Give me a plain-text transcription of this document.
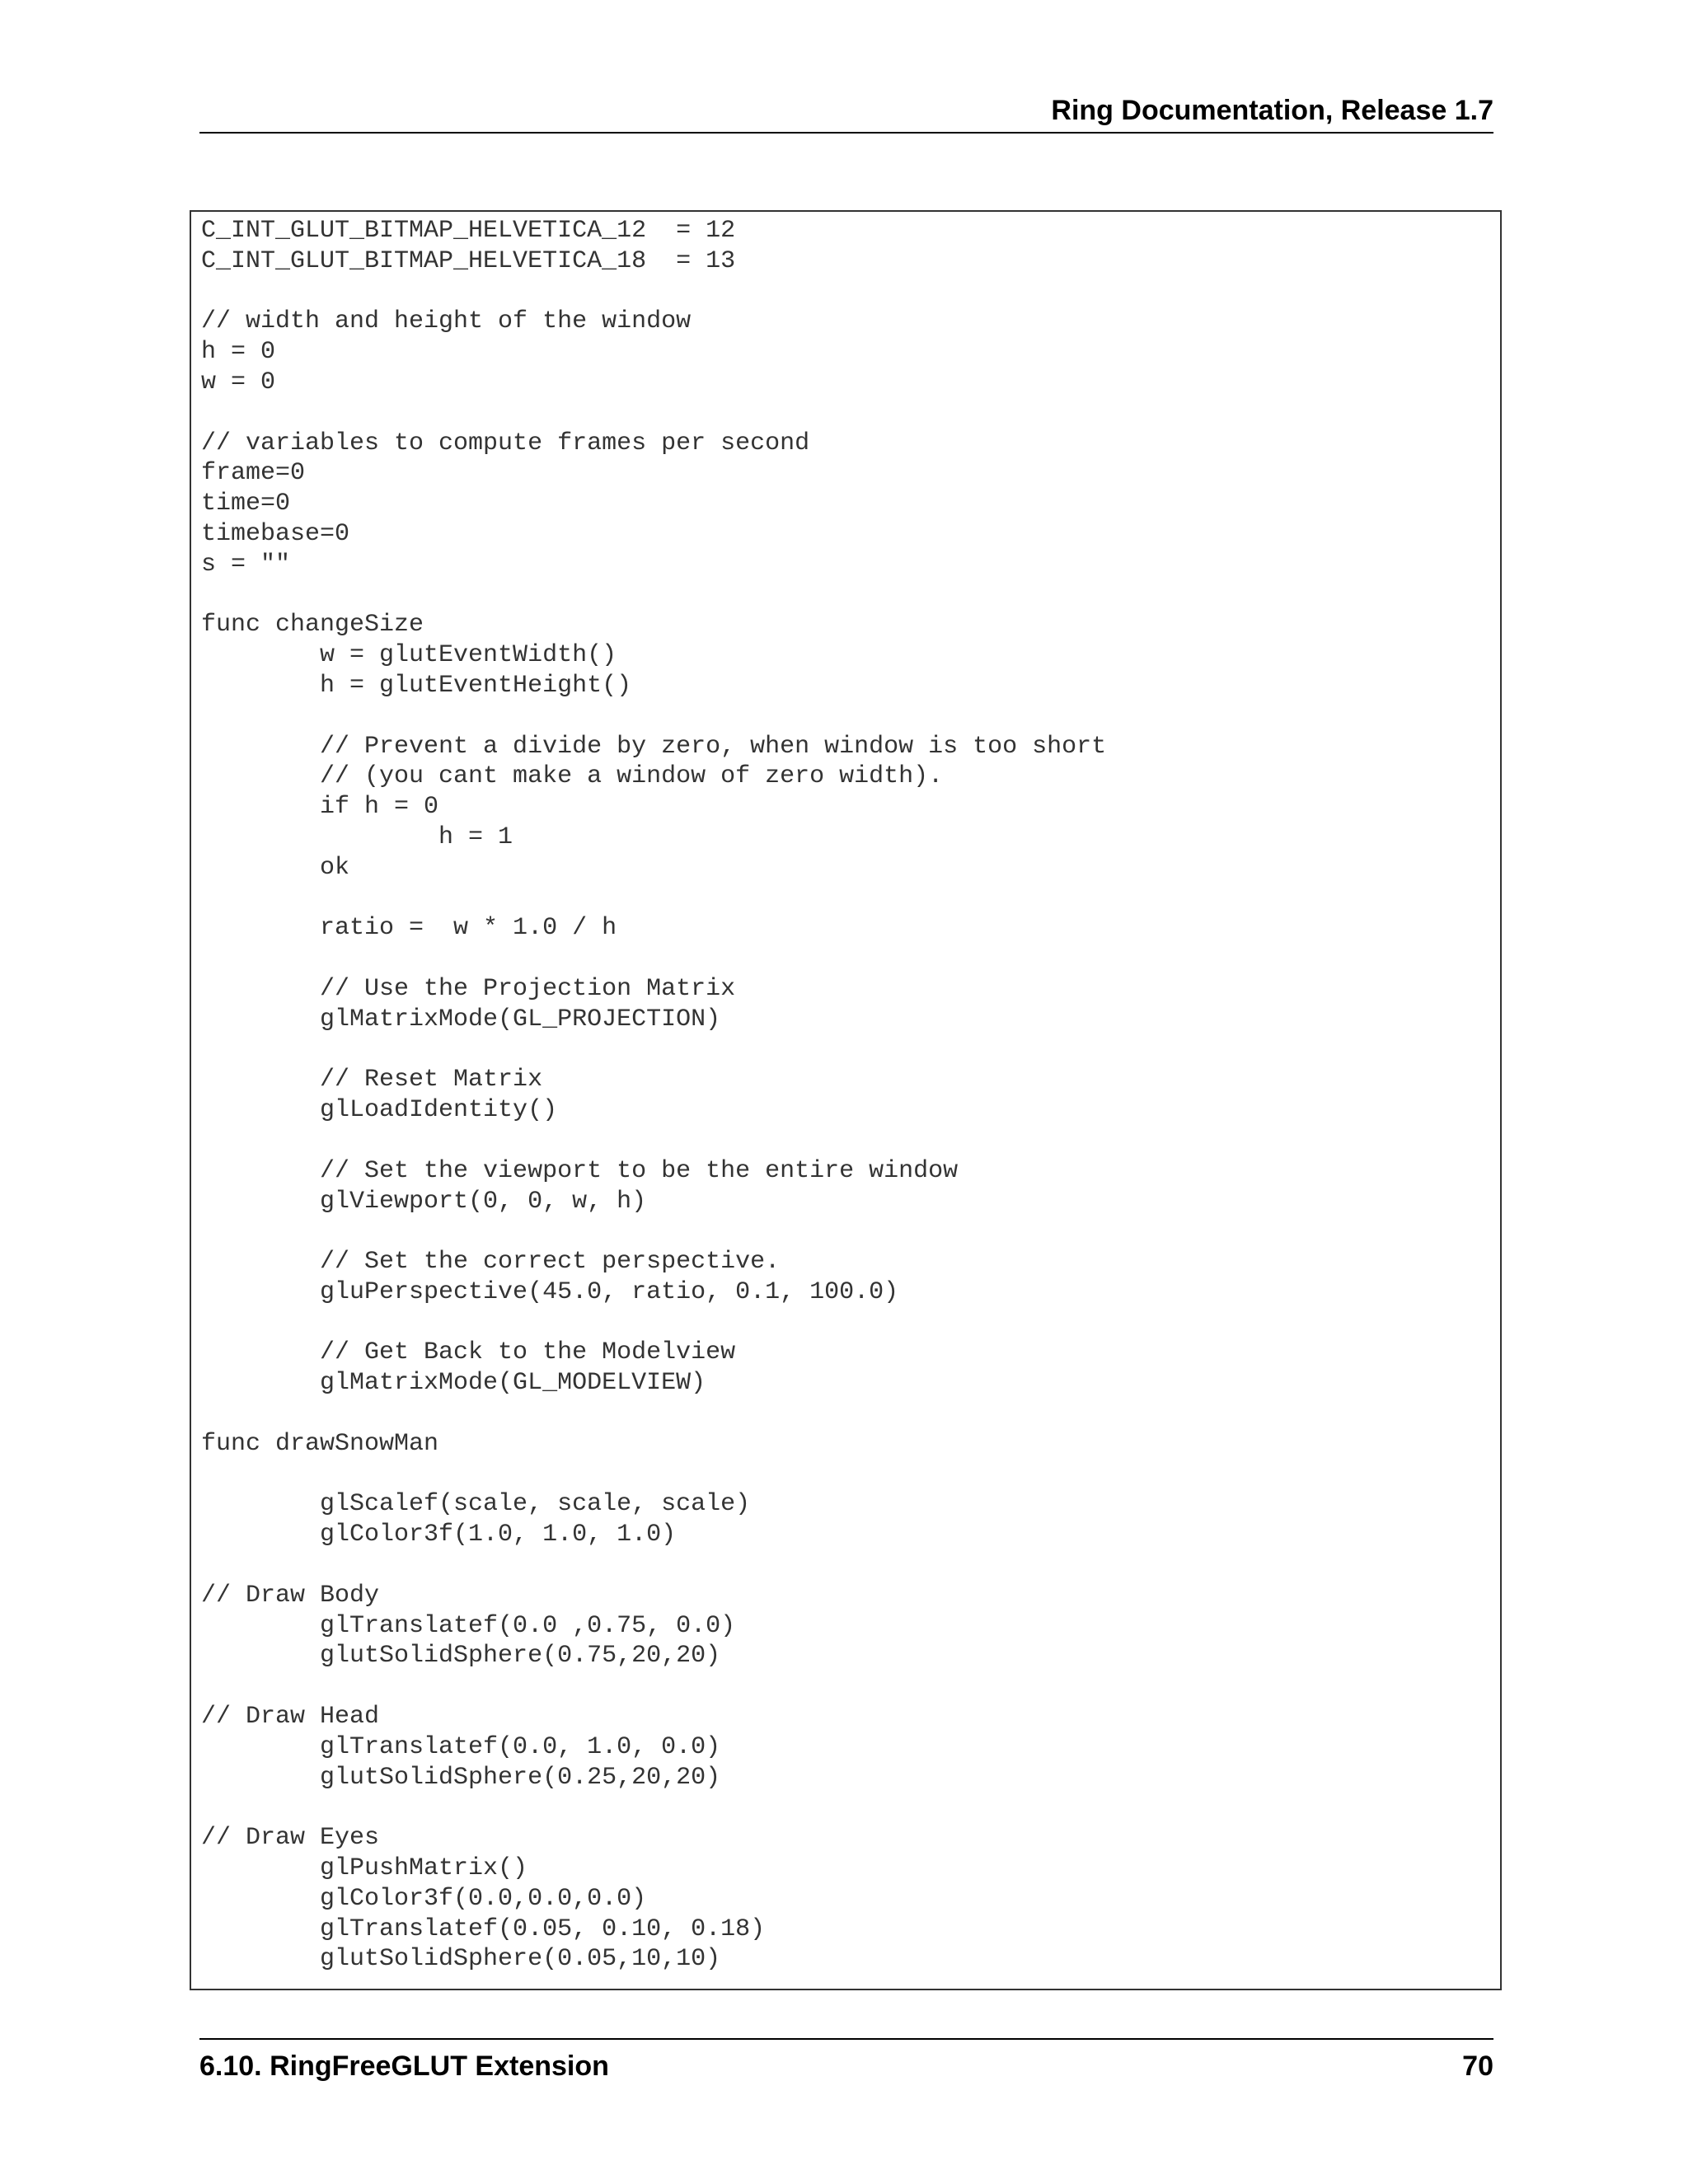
Ring Documentation, Release 1.7
C_INT_GLUT_BITMAP_HELVETICA_12  = 12
C_INT_GLUT_BITMAP_HELVETICA_18  = 13

// width and height of the window
h = 0
w = 0

// variables to compute frames per second
frame=0
time=0
timebase=0
s = ""

func changeSize
w = glutEventWidth()
h = glutEventHeight()

// Prevent a divide by zero, when window is too short
// (you cant make a window of zero width).
if h = 0
h = 1
ok

ratio =  w * 1.0 / h

// Use the Projection Matrix
glMatrixMode(GL_PROJECTION)

// Reset Matrix
glLoadIdentity()

// Set the viewport to be the entire window
glViewport(0, 0, w, h)

// Set the correct perspective.
gluPerspective(45.0, ratio, 0.1, 100.0)

// Get Back to the Modelview
glMatrixMode(GL_MODELVIEW)

func drawSnowMan

glScalef(scale, scale, scale)
glColor3f(1.0, 1.0, 1.0)

// Draw Body
glTranslatef(0.0 ,0.75, 0.0)
glutSolidSphere(0.75,20,20)

// Draw Head
glTranslatef(0.0, 1.0, 0.0)
glutSolidSphere(0.25,20,20)

// Draw Eyes
glPushMatrix()
glColor3f(0.0,0.0,0.0)
glTranslatef(0.05, 0.10, 0.18)
glutSolidSphere(0.05,10,10)
6.10. RingFreeGLUT Extension	70
